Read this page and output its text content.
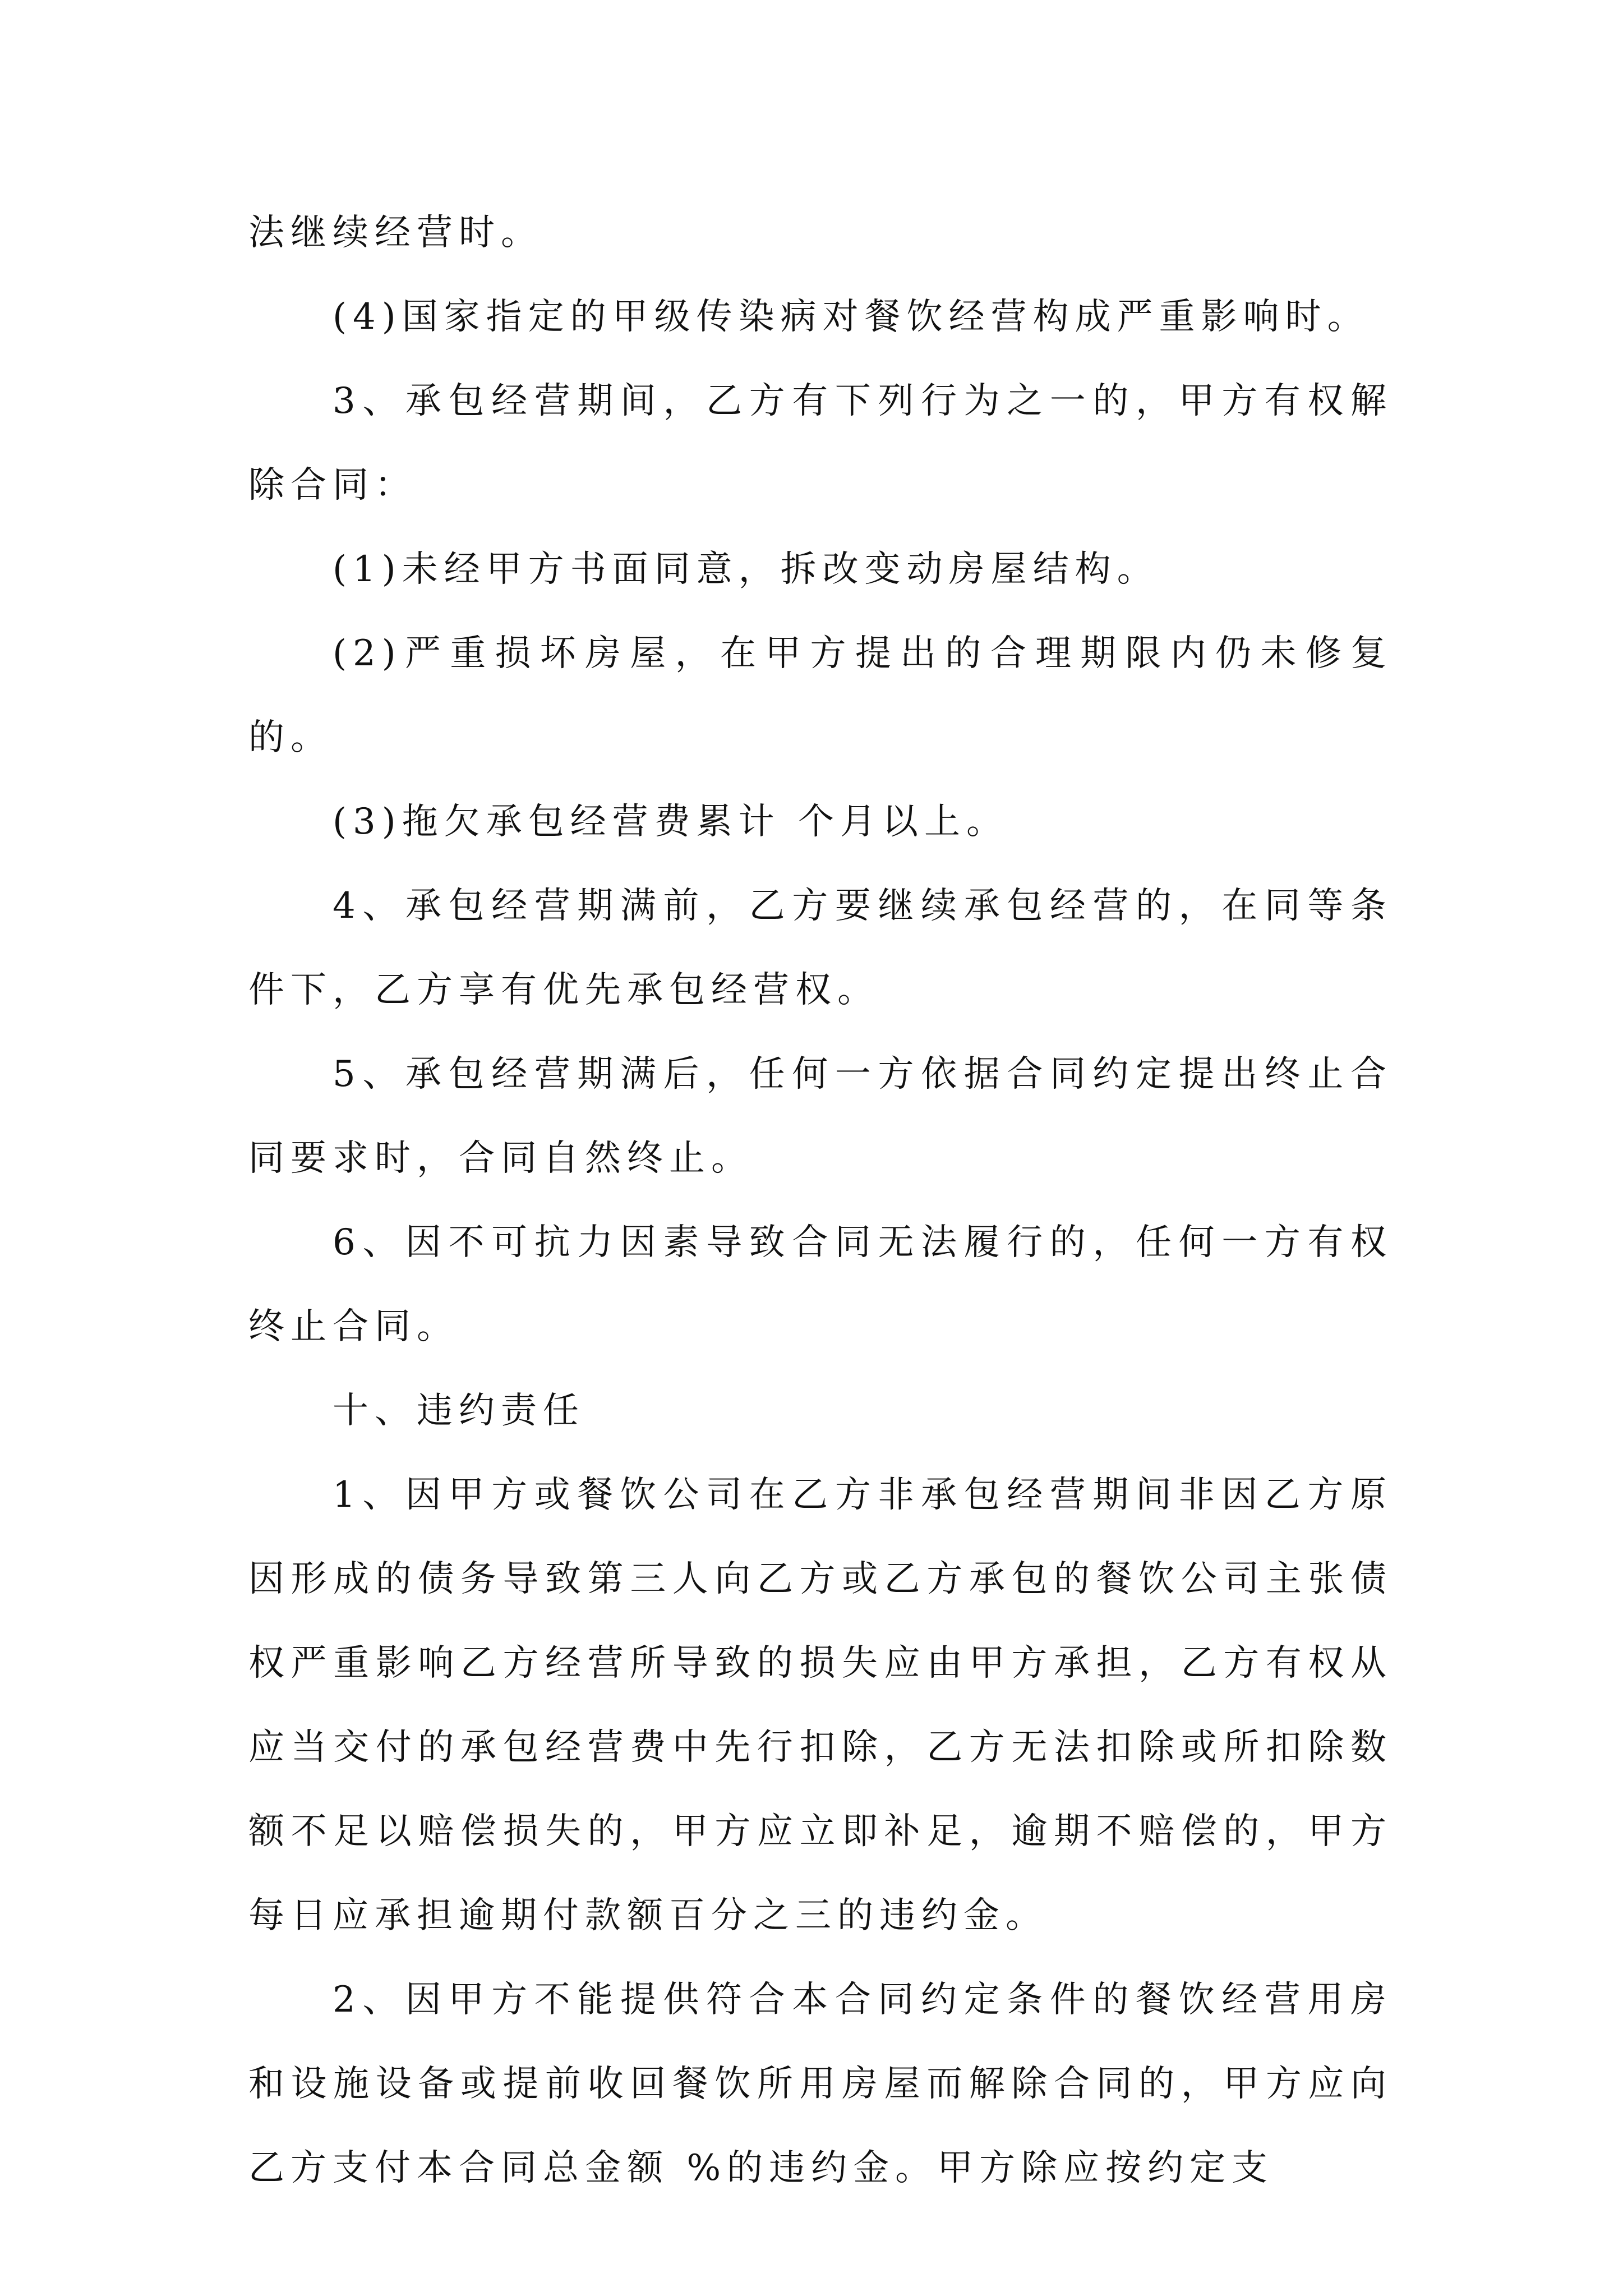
法继续经营时。

(4)国家指定的甲级传染病对餐饮经营构成严重影响时。

3、承包经营期间，乙方有下列行为之一的，甲方有权解除合同：

(1)未经甲方书面同意，拆改变动房屋结构。

(2)严重损坏房屋，在甲方提出的合理期限内仍未修复的。

(3)拖欠承包经营费累计 个月以上。

4、承包经营期满前，乙方要继续承包经营的，在同等条件下，乙方享有优先承包经营权。

5、承包经营期满后，任何一方依据合同约定提出终止合同要求时，合同自然终止。

6、因不可抗力因素导致合同无法履行的，任何一方有权终止合同。

十、违约责任

1、因甲方或餐饮公司在乙方非承包经营期间非因乙方原因形成的债务导致第三人向乙方或乙方承包的餐饮公司主张债权严重影响乙方经营所导致的损失应由甲方承担，乙方有权从应当交付的承包经营费中先行扣除，乙方无法扣除或所扣除数额不足以赔偿损失的，甲方应立即补足，逾期不赔偿的，甲方每日应承担逾期付款额百分之三的违约金。

2、因甲方不能提供符合本合同约定条件的餐饮经营用房和设施设备或提前收回餐饮所用房屋而解除合同的，甲方应向乙方支付本合同总金额 %的违约金。甲方除应按约定支
